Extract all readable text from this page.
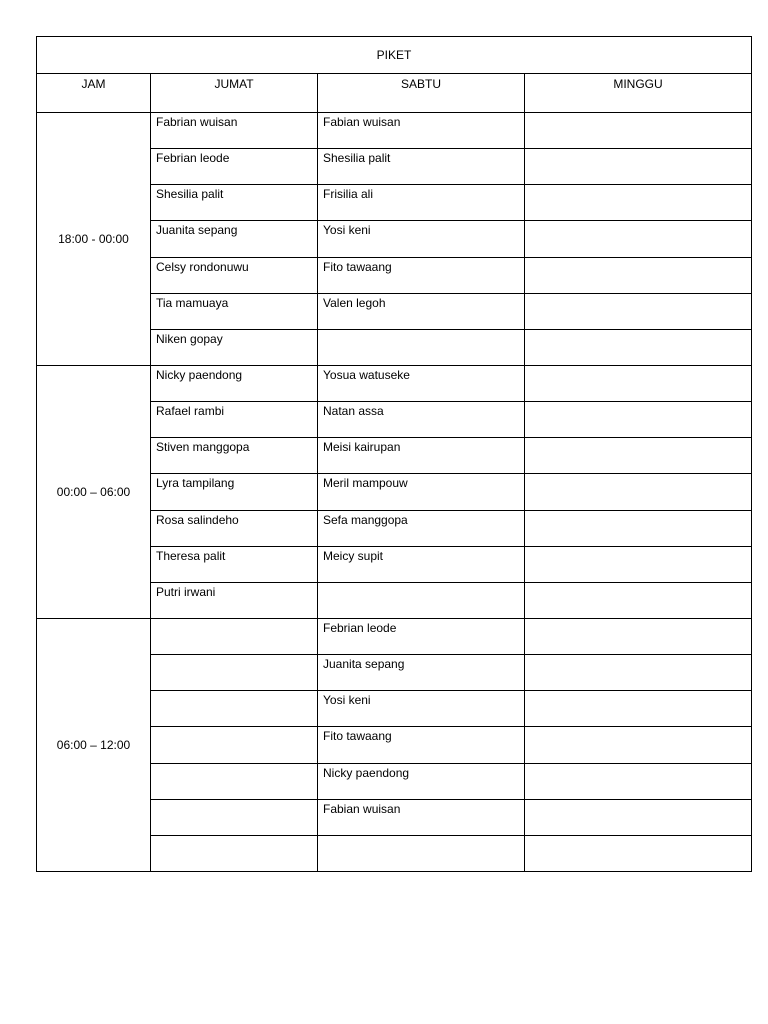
PIKET			
JAM	JUMAT	SABTU	MINGGU
18:00 - 00:00	Fabrian wuisan	Fabian wuisan	
	Febrian leode	Shesilia palit	
	Shesilia palit	Frisilia ali	
	Juanita sepang	Yosi keni	
	Celsy rondonuwu	Fito tawaang	
	Tia mamuaya	Valen legoh	
	Niken gopay		
00:00 – 06:00	Nicky paendong	Yosua watuseke	
	Rafael rambi	Natan assa	
	Stiven manggopa	Meisi kairupan	
	Lyra tampilang	Meril mampouw	
	Rosa salindeho	Sefa manggopa	
	Theresa palit	Meicy supit	
	Putri irwani		
06:00 – 12:00		Febrian leode	
		Juanita sepang	
		Yosi keni	
		Fito tawaang	
		Nicky paendong	
		Fabian wuisan	
